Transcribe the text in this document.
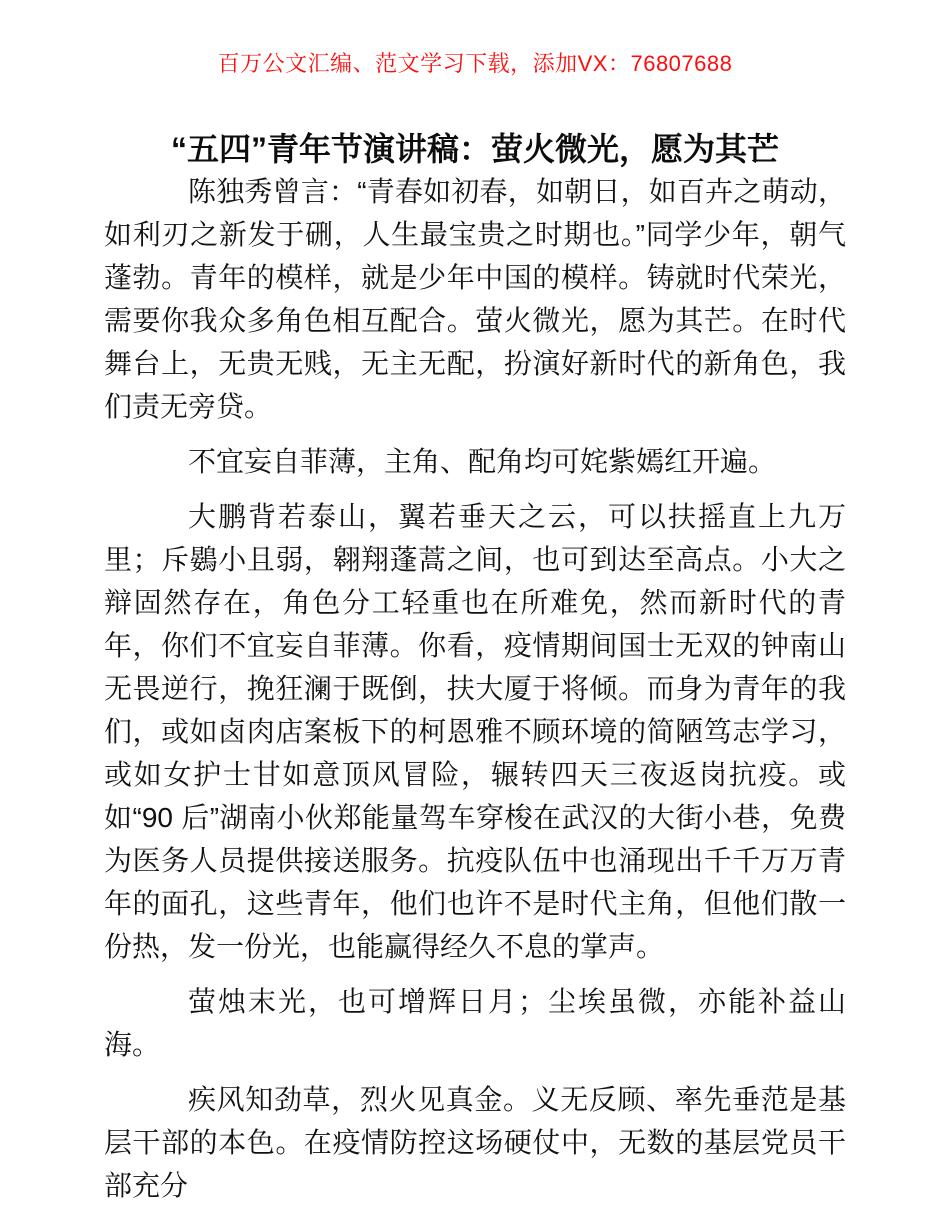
百万公文汇编、范文学习下载，添加VX：76807688
“五四”青年节演讲稿：萤火微光，愿为其芒

陈独秀曾言：“青春如初春，如朝日，如百卉之萌动，如利刃之新发于硎，人生最宝贵之时期也。”同学少年，朝气蓬勃。青年的模样，就是少年中国的模样。铸就时代荣光，需要你我众多角色相互配合。萤火微光，愿为其芒。在时代舞台上，无贵无贱，无主无配，扮演好新时代的新角色，我们责无旁贷。

不宜妄自菲薄，主角、配角均可姹紫嫣红开遍。

大鹏背若泰山，翼若垂天之云，可以扶摇直上九万里；斥鷃小且弱，翱翔蓬蒿之间，也可到达至高点。小大之辩固然存在，角色分工轻重也在所难免，然而新时代的青年，你们不宜妄自菲薄。你看，疫情期间国士无双的钟南山无畏逆行，挽狂澜于既倒，扶大厦于将倾。而身为青年的我们，或如卤肉店案板下的柯恩雅不顾环境的简陋笃志学习，或如女护士甘如意顶风冒险，辗转四天三夜返岗抗疫。或如“90 后”湖南小伙郑能量驾车穿梭在武汉的大街小巷，免费为医务人员提供接送服务。抗疫队伍中也涌现出千千万万青年的面孔，这些青年，他们也许不是时代主角，但他们散一份热，发一份光，也能赢得经久不息的掌声。

萤烛末光，也可增辉日月；尘埃虽微，亦能补益山海。

疾风知劲草，烈火见真金。义无反顾、率先垂范是基层干部的本色。在疫情防控这场硬仗中，无数的基层党员干部充分
